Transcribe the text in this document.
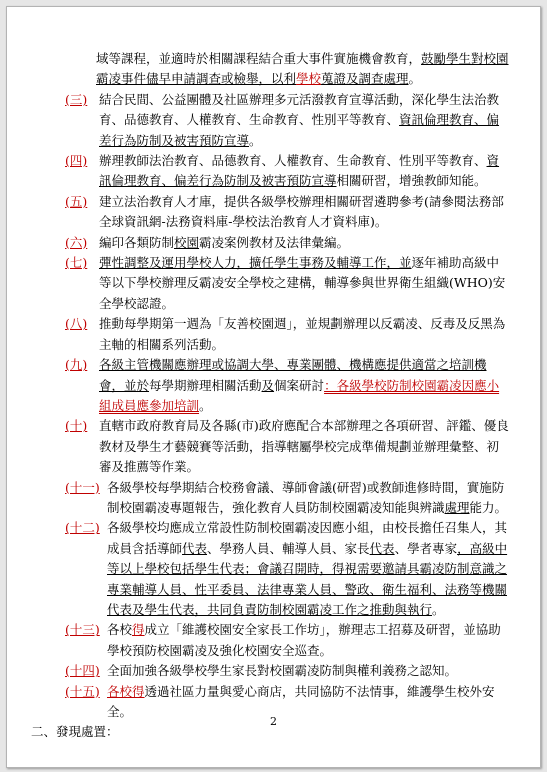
域等課程，並適時於相關課程結合重大事件實施機會教育，鼓勵學生對校園霸凌事件儘早申請調查或檢舉，以利學校蒐證及調查處理。
(三) 結合民間、公益團體及社區辦理多元活潑教育宣導活動，深化學生法治教育、品德教育、人權教育、生命教育、性別平等教育、資訊倫理教育、偏差行為防制及被害預防宣導。
(四) 辦理教師法治教育、品德教育、人權教育、生命教育、性別平等教育、資訊倫理教育、偏差行為防制及被害預防宣導相關研習，增強教師知能。
(五) 建立法治教育人才庫，提供各級學校辦理相關研習遴聘參考(請參閱法務部全球資訊網-法務資料庫-學校法治教育人才資料庫)。
(六) 編印各類防制校園霸凌案例教材及法律彙編。
(七) 彈性調整及運用學校人力，擴任學生事務及輔導工作，並逐年補助高級中等以下學校辦理反霸凌安全學校之建構，輔導參與世界衛生組織(WHO)安全學校認證。
(八) 推動每學期第一週為「友善校園週」，並規劃辦理以反霸凌、反毒及反黑為主軸的相關系列活動。
(九) 各級主管機關應辦理或協調大學、專業團體、機構應提供適當之培訓機會，並於每學期辦理相關活動及個案研討：各級學校防制校園霸凌因應小組成員應參加培訓。
(十) 直轄市政府教育局及各縣(市)政府應配合本部辦理之各項研習、評鑑、優良教材及學生才藝競賽等活動，指導轄屬學校完成準備規劃並辦理彙整、初審及推薦等作業。
(十一) 各級學校每學期結合校務會議、導師會議(研習)或教師進修時間，實施防制校園霸凌專題報告，強化教育人員防制校園霸凌知能與辨識處理能力。
(十二) 各級學校均應成立常設性防制校園霸凌因應小組，由校長擔任召集人，其成員含括導師代表、學務人員、輔導人員、家長代表、學者專家，高級中等以上學校包括學生代表；會議召開時，得視需要邀請具霸凌防制意識之專業輔導人員、性平委員、法律專業人員、警政、衛生福利、法務等機關代表及學生代表，共同負責防制校園霸凌工作之推動與執行。
(十三) 各校得成立「維護校園安全家長工作坊」，辦理志工招募及研習，並協助學校預防校園霸凌及強化校園安全巡查。
(十四) 全面加強各級學校學生家長對校園霸凌防制與權利義務之認知。
(十五) 各校得透過社區力量與愛心商店，共同協防不法情事，維護學生校外安全。
二、發現處置：
2
